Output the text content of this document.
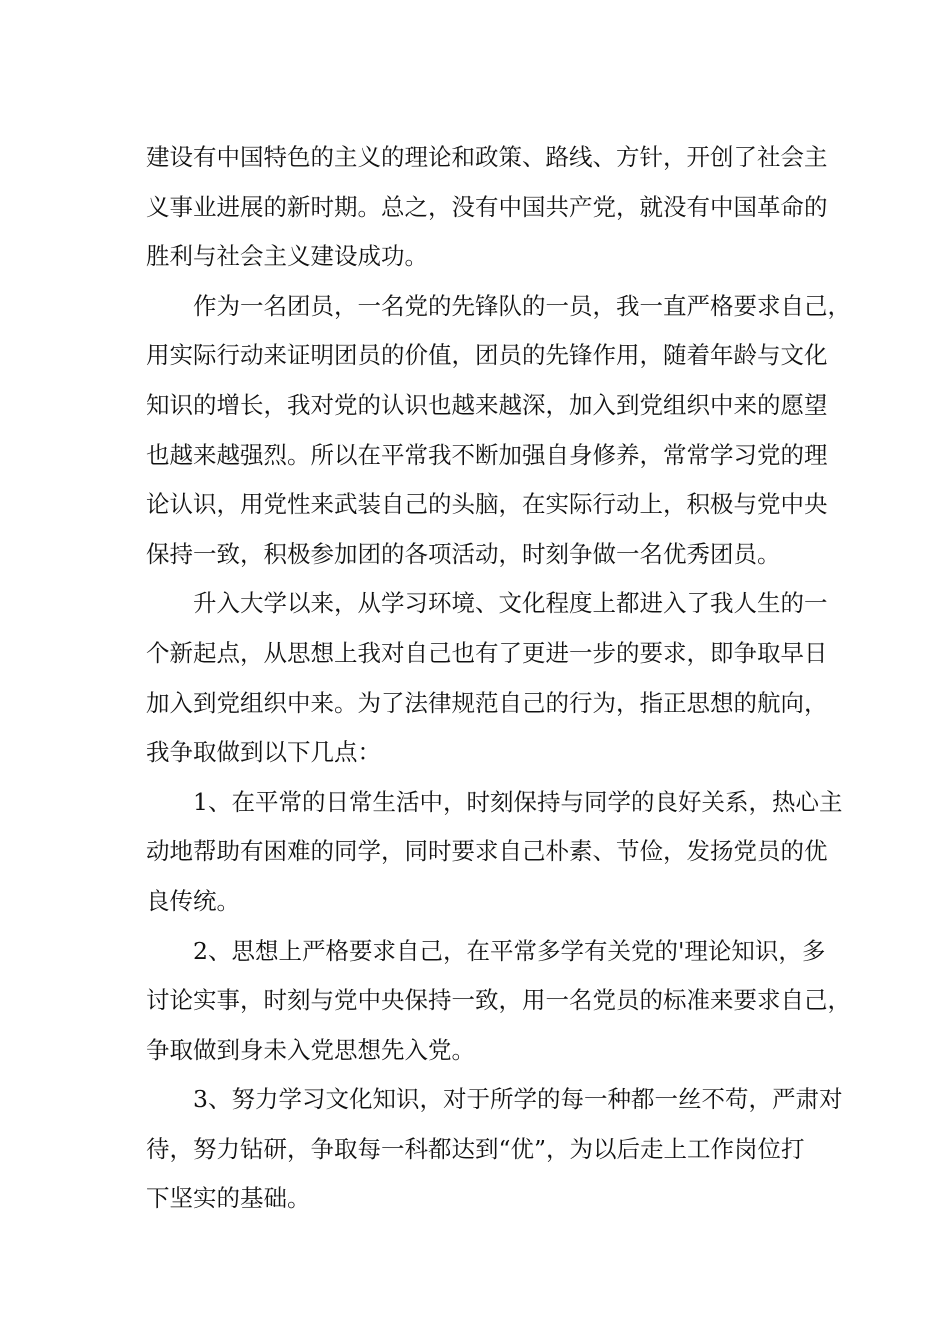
建设有中国特色的主义的理论和政策、路线、方针，开创了社会主
义事业进展的新时期。总之，没有中国共产党，就没有中国革命的
胜利与社会主义建设成功。
作为一名团员，一名党的先锋队的一员，我一直严格要求自己，
用实际行动来证明团员的价值，团员的先锋作用，随着年龄与文化
知识的增长，我对党的认识也越来越深，加入到党组织中来的愿望
也越来越强烈。所以在平常我不断加强自身修养，常常学习党的理
论认识，用党性来武装自己的头脑，在实际行动上，积极与党中央
保持一致，积极参加团的各项活动，时刻争做一名优秀团员。
升入大学以来，从学习环境、文化程度上都进入了我人生的一
个新起点，从思想上我对自己也有了更进一步的要求，即争取早日
加入到党组织中来。为了法律规范自己的行为，指正思想的航向，
我争取做到以下几点：
1、在平常的日常生活中，时刻保持与同学的良好关系，热心主
动地帮助有困难的同学，同时要求自己朴素、节俭，发扬党员的优
良传统。
2、思想上严格要求自己，在平常多学有关党的'理论知识，多
讨论实事，时刻与党中央保持一致，用一名党员的标准来要求自己，
争取做到身未入党思想先入党。
3、努力学习文化知识，对于所学的每一种都一丝不苟，严肃对
待，努力钻研，争取每一科都达到“优”，为以后走上工作岗位打
下坚实的基础。
